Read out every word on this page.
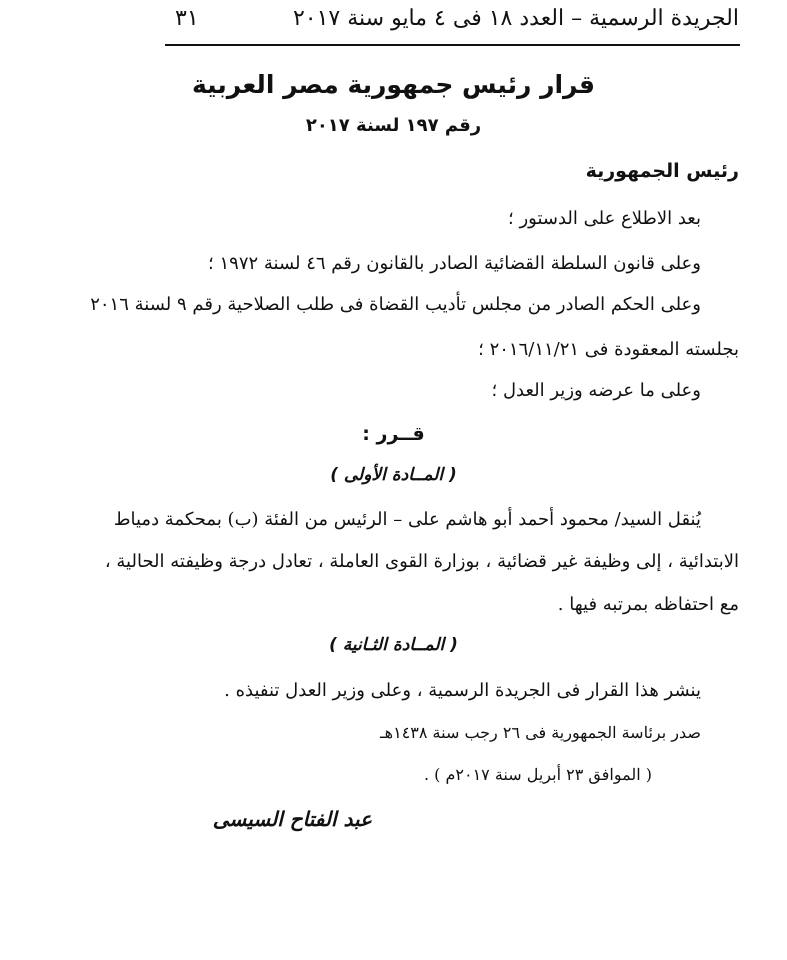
الجريدة الرسمية – العدد ١٨ فى ٤ مايو سنة ٢٠١٧
٣١
قرار رئيس جمهورية مصر العربية
رقم ١٩٧ لسنة ٢٠١٧
رئيس الجمهورية
بعد الاطلاع على الدستور ؛
وعلى قانون السلطة القضائية الصادر بالقانون رقم ٤٦ لسنة ١٩٧٢ ؛
وعلى الحكم الصادر من مجلس تأديب القضاة فى طلب الصلاحية رقم ٩ لسنة ٢٠١٦
بجلسته المعقودة فى ٢٠١٦/١١/٢١ ؛
وعلى ما عرضه وزير العدل ؛
قــرر :
( المــادة الأولى )
يُنقل السيد/ محمود أحمد أبو هاشم على – الرئيس من الفئة (ب) بمحكمة دمياط
الابتدائية ، إلى وظيفة غير قضائية ، بوزارة القوى العاملة ، تعادل درجة وظيفته الحالية ،
مع احتفاظه بمرتبه فيها .
( المــادة الثـانية )
ينشر هذا القرار فى الجريدة الرسمية ، وعلى وزير العدل تنفيذه .
صدر برئاسة الجمهورية فى ٢٦ رجب سنة ١٤٣٨هـ
( الموافق ٢٣ أبريل سنة ٢٠١٧م ) .
عبد الفتاح السيسى
